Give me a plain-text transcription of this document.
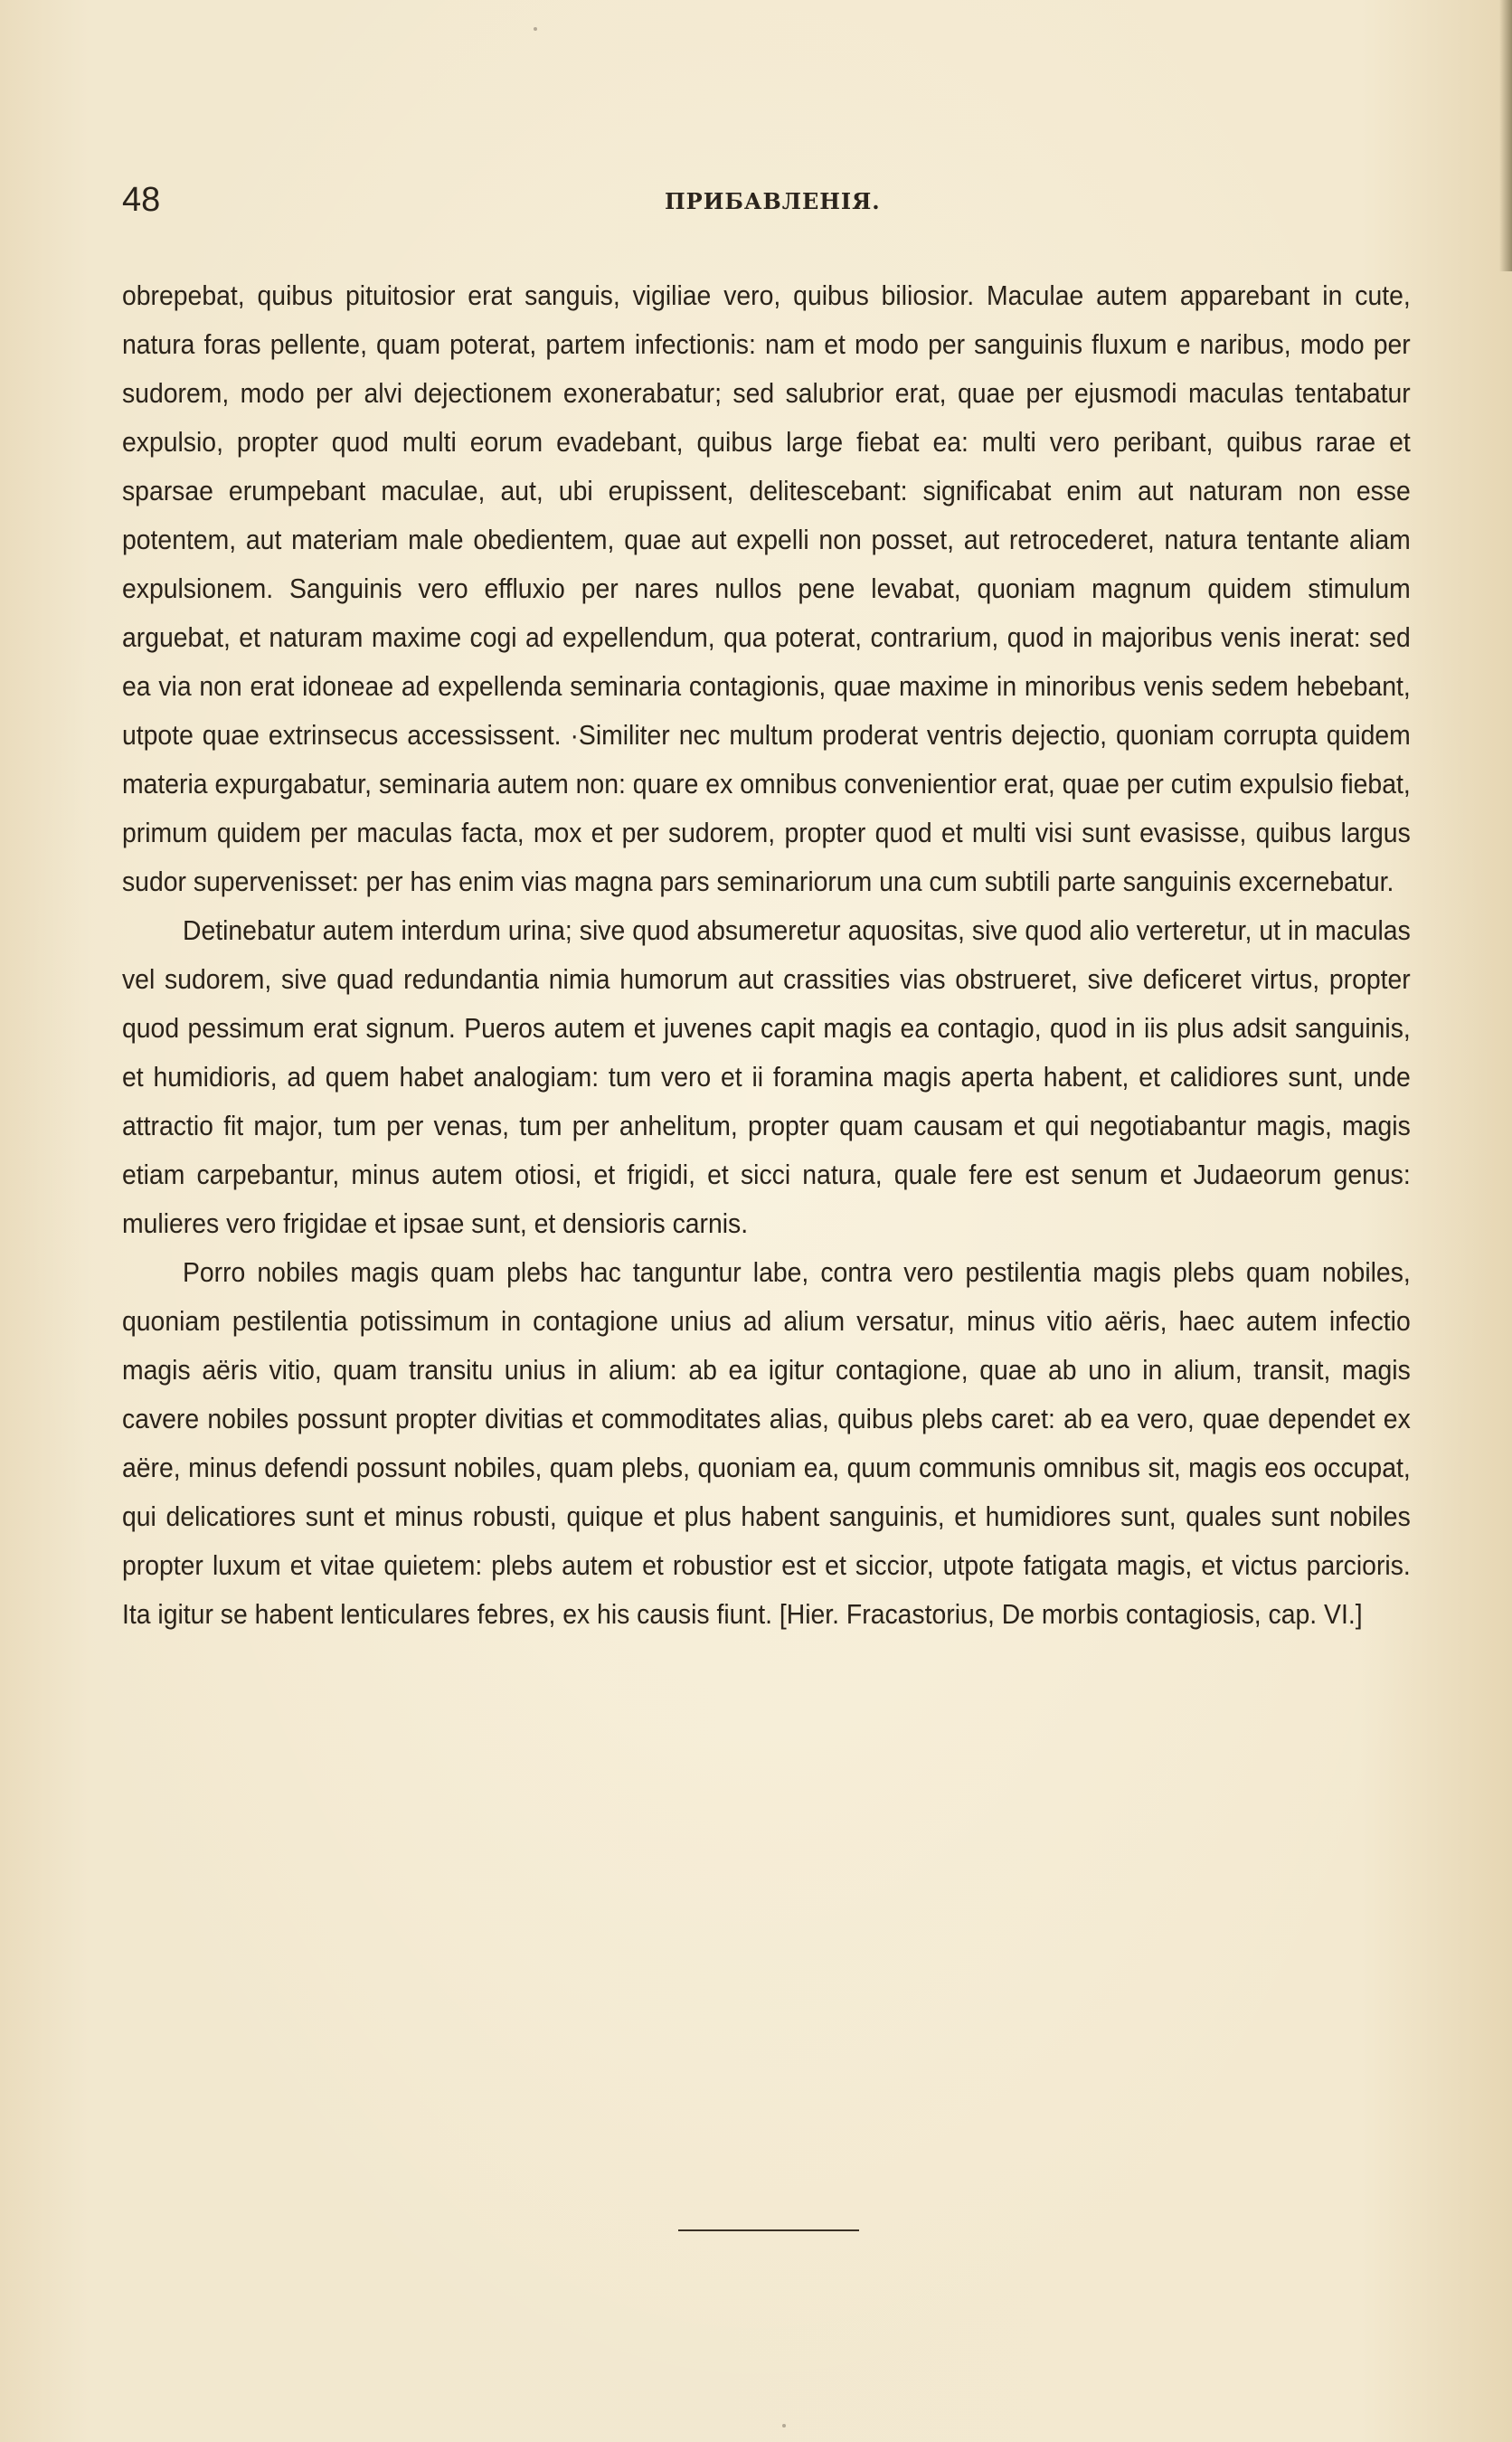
48	ПРИБАВЛЕНІЯ.

obrepebat, quibus pituitosior erat sanguis, vigiliae vero, quibus biliosior. Maculae autem apparebant in cute, natura foras pellente, quam poterat, partem infectionis: nam et modo per sanguinis fluxum e naribus, modo per sudorem, modo per alvi dejectionem exonerabatur; sed salubrior erat, quae per ejusmodi maculas tentabatur expulsio, propter quod multi eorum evadebant, quibus large fiebat ea: multi vero peribant, quibus rarae et sparsae erumpebant maculae, aut, ubi erupissent, delitescebant: significabat enim aut naturam non esse potentem, aut materiam male obedientem, quae aut expelli non posset, aut retrocederet, natura tentante aliam expulsionem. Sanguinis vero effluxio per nares nullos pene levabat, quoniam magnum quidem stimulum arguebat, et naturam maxime cogi ad expellendum, qua poterat, contrarium, quod in majoribus venis inerat: sed ea via non erat idoneae ad expellenda seminaria contagionis, quae maxime in minoribus venis sedem hebebant, utpote quae extrinsecus accessissent. ·Similiter nec multum proderat ventris dejectio, quoniam corrupta quidem materia expurgabatur, seminaria autem non: quare ex omnibus convenientior erat, quae per cutim expulsio fiebat, primum quidem per maculas facta, mox et per sudorem, propter quod et multi visi sunt evasisse, quibus largus sudor supervenisset: per has enim vias magna pars seminariorum una cum subtili parte sanguinis excernebatur.

Detinebatur autem interdum urina; sive quod absumeretur aquositas, sive quod alio verteretur, ut in maculas vel sudorem, sive quad redundantia nimia humorum aut crassities vias obstrueret, sive deficeret virtus, propter quod pessimum erat signum. Pueros autem et juvenes capit magis ea contagio, quod in iis plus adsit sanguinis, et humidioris, ad quem habet analogiam: tum vero et ii foramina magis aperta habent, et calidiores sunt, unde attractio fit major, tum per venas, tum per anhelitum, propter quam causam et qui negotiabantur magis, magis etiam carpebantur, minus autem otiosi, et frigidi, et sicci natura, quale fere est senum et Judaeorum genus: mulieres vero frigidae et ipsae sunt, et densioris carnis.

Porro nobiles magis quam plebs hac tanguntur labe, contra vero pestilentia magis plebs quam nobiles, quoniam pestilentia potissimum in contagione unius ad alium versatur, minus vitio aëris, haec autem infectio magis aëris vitio, quam transitu unius in alium: ab ea igitur contagione, quae ab uno in alium, transit, magis cavere nobiles possunt propter divitias et commoditates alias, quibus plebs caret: ab ea vero, quae dependet ex aëre, minus defendi possunt nobiles, quam plebs, quoniam ea, quum communis omnibus sit, magis eos occupat, qui delicatiores sunt et minus robusti, quique et plus habent sanguinis, et humidiores sunt, quales sunt nobiles propter luxum et vitae quietem: plebs autem et robustior est et siccior, utpote fatigata magis, et victus parcioris. Ita igitur se habent lenticulares febres, ex his causis fiunt. [Hier. Fracastorius, De morbis contagiosis, cap. VI.]
